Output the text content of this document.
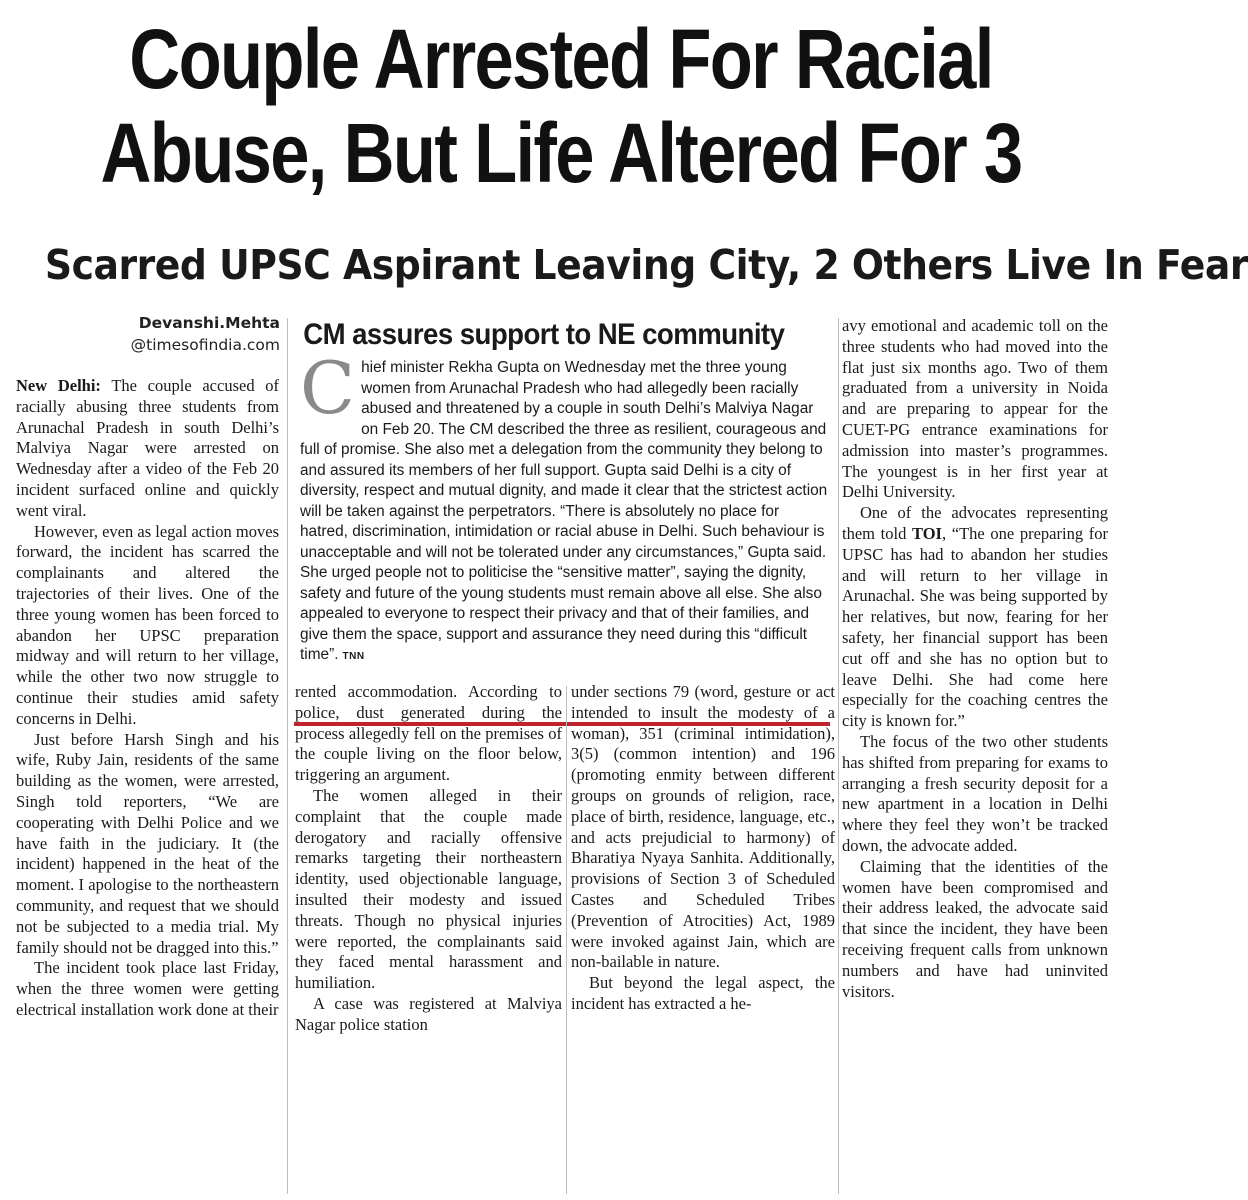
Couple Arrested For Racial
Abuse, But Life Altered For 3
Scarred UPSC Aspirant Leaving City, 2 Others Live In Fear
Devanshi.Mehta
@timesofindia.com

New Delhi: The couple accused of racially abusing three students from Arunachal Pradesh in south Delhi’s Malviya Nagar were arrested on Wednesday after a video of the Feb 20 incident surfaced online and quickly went viral.

However, even as legal action moves forward, the incident has scarred the complainants and altered the trajectories of their lives. One of the three young women has been forced to abandon her UPSC preparation midway and will return to her village, while the other two now struggle to continue their studies amid safety concerns in Delhi.

Just before Harsh Singh and his wife, Ruby Jain, residents of the same building as the women, were arrested, Singh told reporters, “We are cooperating with Delhi Police and we have faith in the judiciary. It (the incident) happened in the heat of the moment. I apologise to the northeastern community, and request that we should not be subjected to a media trial. My family should not be dragged into this.”

The incident took place last Friday, when the three women were getting electrical installation work done at their

CM assures support to NE community
Chief minister Rekha Gupta on Wednesday met the three young women from Arunachal Pradesh who had allegedly been racially abused and threatened by a couple in south Delhi’s Malviya Nagar on Feb 20. The CM described the three as resilient, courageous and full of promise. She also met a delegation from the community they belong to and assured its members of her full support. Gupta said Delhi is a city of diversity, respect and mutual dignity, and made it clear that the strictest action will be taken against the perpetrators. “There is absolutely no place for hatred, discrimination, intimidation or racial abuse in Delhi. Such behaviour is unacceptable and will not be tolerated under any circumstances,” Gupta said. She urged people not to politicise the “sensitive matter”, saying the dignity, safety and future of the young students must remain above all else. She also appealed to everyone to respect their privacy and that of their families, and give them the space, support and assurance they need during this “difficult time”. TNN

rented accommodation. According to police, dust generated during the process allegedly fell on the premises of the couple living on the floor below, triggering an argument.

The women alleged in their complaint that the couple made derogatory and racially offensive remarks targeting their northeastern identity, used objectionable language, insulted their modesty and issued threats. Though no physical injuries were reported, the complainants said they faced mental harassment and humiliation.

A case was registered at Malviya Nagar police station

under sections 79 (word, gesture or act intended to insult the modesty of a woman), 351 (criminal intimidation), 3(5) (common intention) and 196 (promoting enmity between different groups on grounds of religion, race, place of birth, residence, language, etc., and acts prejudicial to harmony) of Bharatiya Nyaya Sanhita. Additionally, provisions of Section 3 of Scheduled Castes and Scheduled Tribes (Prevention of Atrocities) Act, 1989 were invoked against Jain, which are non-bailable in nature.

But beyond the legal aspect, the incident has extracted a he-

avy emotional and academic toll on the three students who had moved into the flat just six months ago. Two of them graduated from a university in Noida and are preparing to appear for the CUET-PG entrance examinations for admission into master’s programmes. The youngest is in her first year at Delhi University.

One of the advocates representing them told TOI, “The one preparing for UPSC has had to abandon her studies and will return to her village in Arunachal. She was being supported by her relatives, but now, fearing for her safety, her financial support has been cut off and she has no option but to leave Delhi. She had come here especially for the coaching centres the city is known for.”

The focus of the two other students has shifted from preparing for exams to arranging a fresh security deposit for a new apartment in a location in Delhi where they feel they won’t be tracked down, the advocate added.

Claiming that the identities of the women have been compromised and their address leaked, the advocate said that since the incident, they have been receiving frequent calls from unknown numbers and have had uninvited visitors.
